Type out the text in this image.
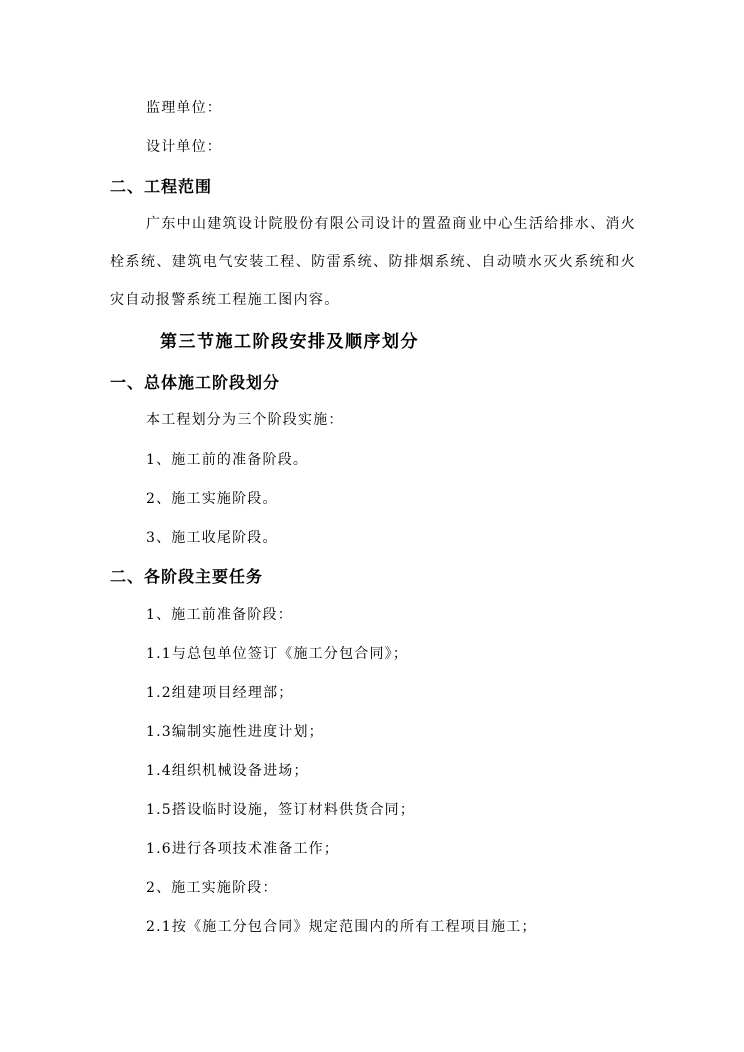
监理单位：
设计单位：
二、工程范围
广东中山建筑设计院股份有限公司设计的置盈商业中心生活给排水、消火栓系统、建筑电气安装工程、防雷系统、防排烟系统、自动喷水灭火系统和火灾自动报警系统工程施工图内容。
第三节施工阶段安排及顺序划分
一、总体施工阶段划分
本工程划分为三个阶段实施：
1、施工前的准备阶段。
2、施工实施阶段。
3、施工收尾阶段。
二、各阶段主要任务
1、施工前准备阶段：
1.1与总包单位签订《施工分包合同》；
1.2组建项目经理部；
1.3编制实施性进度计划；
1.4组织机械设备进场；
1.5搭设临时设施，签订材料供货合同；
1.6进行各项技术准备工作；
2、施工实施阶段：
2.1按《施工分包合同》规定范围内的所有工程项目施工；
